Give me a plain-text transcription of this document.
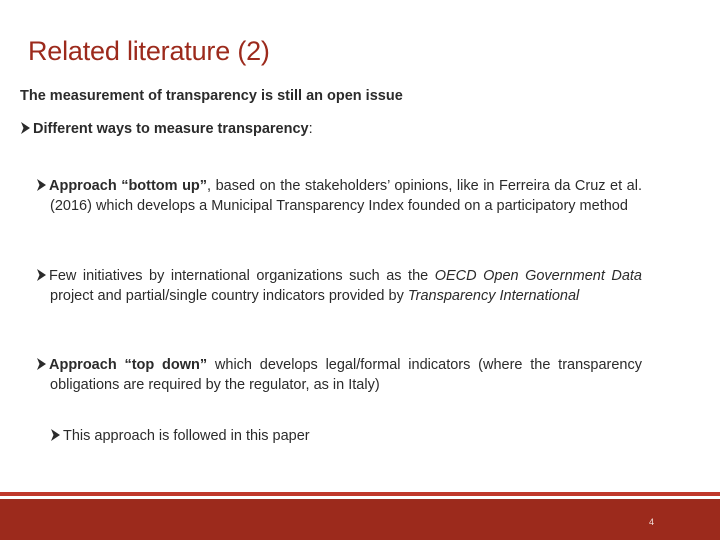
Related literature (2)
The measurement of transparency is still an open issue
Different ways to measure transparency:
Approach “bottom up”, based on the stakeholders’ opinions, like in Ferreira da Cruz et al. (2016) which develops a Municipal Transparency Index founded on a participatory method
Few initiatives by international organizations such as the OECD Open Government Data project and partial/single country indicators provided by Transparency International
Approach “top down” which develops legal/formal indicators (where the transparency obligations are required by the regulator, as in Italy)
This approach is followed in this paper
4
